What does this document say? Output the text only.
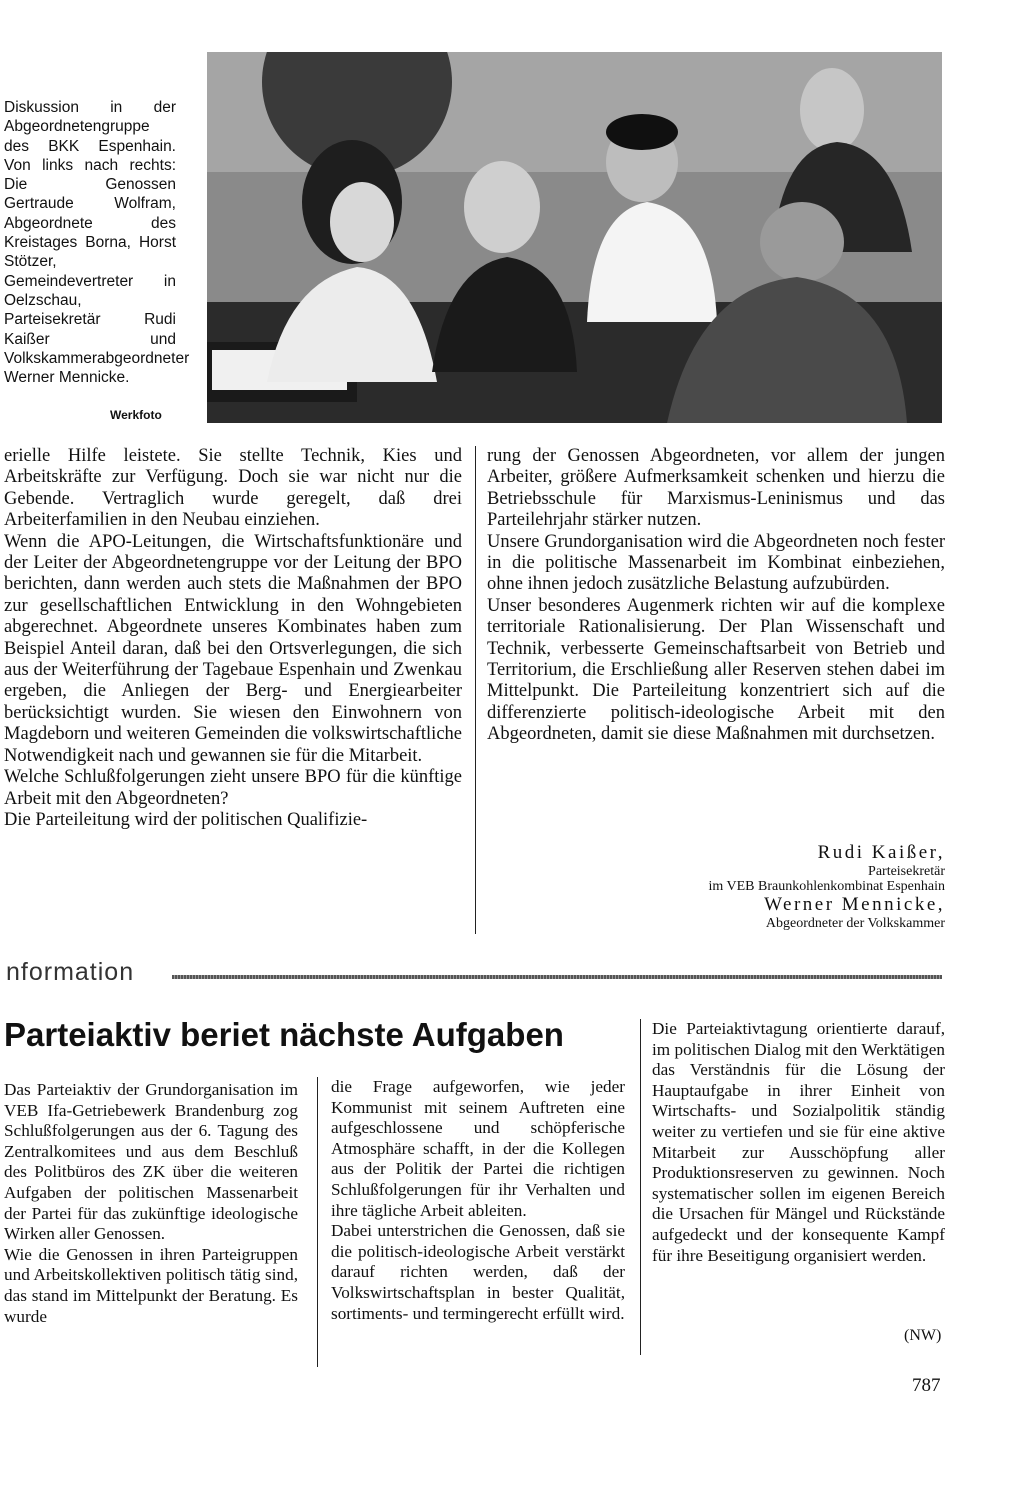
Diskussion in der Abgeordnetengruppe des BKK Espenhain. Von links nach rechts: Die Genossen Gertraude Wolfram, Abgeordnete des Kreistages Borna, Horst Stötzer, Gemeindevertreter in Oelzschau, Parteisekretär Rudi Kaißer und Volkskammerabgeordneter Werner Mennicke.
Werkfoto

erielle Hilfe leistete. Sie stellte Technik, Kies und Arbeitskräfte zur Verfügung. Doch sie war nicht nur die Gebende. Vertraglich wurde geregelt, daß drei Arbeiterfamilien in den Neubau einziehen.

Wenn die APO-Leitungen, die Wirtschaftsfunktionäre und der Leiter der Abgeordnetengruppe vor der Leitung der BPO berichten, dann werden auch stets die Maßnahmen der BPO zur gesellschaftlichen Entwicklung in den Wohngebieten abgerechnet. Abgeordnete unseres Kombinates haben zum Beispiel Anteil daran, daß bei den Ortsverlegungen, die sich aus der Weiterführung der Tagebaue Espenhain und Zwenkau ergeben, die Anliegen der Berg- und Energiearbeiter berücksichtigt wurden. Sie wiesen den Einwohnern von Magdeborn und weiteren Gemeinden die volkswirtschaftliche Notwendigkeit nach und gewannen sie für die Mitarbeit.

Welche Schlußfolgerungen zieht unsere BPO für die künftige Arbeit mit den Abgeordneten?

Die Parteileitung wird der politischen Qualifizie-

rung der Genossen Abgeordneten, vor allem der jungen Arbeiter, größere Aufmerksamkeit schenken und hierzu die Betriebsschule für Marxismus-Leninismus und das Parteilehrjahr stärker nutzen.

Unsere Grundorganisation wird die Abgeordneten noch fester in die politische Massenarbeit im Kombinat einbeziehen, ohne ihnen jedoch zusätzliche Belastung aufzubürden.

Unser besonderes Augenmerk richten wir auf die komplexe territoriale Rationalisierung. Der Plan Wissenschaft und Technik, verbesserte Gemeinschaftsarbeit von Betrieb und Territorium, die Erschließung aller Reserven stehen dabei im Mittelpunkt. Die Parteileitung konzentriert sich auf die differenzierte politisch-ideologische Arbeit mit den Abgeordneten, damit sie diese Maßnahmen mit durchsetzen.

Rudi Kaißer,
Parteisekretär
im VEB Braunkohlenkombinat Espenhain
Werner Mennicke,
Abgeordneter der Volkskammer
nformation
Parteiaktiv beriet nächste Aufgaben

Das Parteiaktiv der Grundorganisation im VEB Ifa-Getriebewerk Brandenburg zog Schlußfolgerungen aus der 6. Tagung des Zentralkomitees und aus dem Beschluß des Politbüros des ZK über die weiteren Aufgaben der politischen Massenarbeit der Partei für das zukünftige ideologische Wirken aller Genossen.

Wie die Genossen in ihren Parteigruppen und Arbeitskollektiven politisch tätig sind, das stand im Mittelpunkt der Beratung. Es wurde

die Frage aufgeworfen, wie jeder Kommunist mit seinem Auftreten eine aufgeschlossene und schöpferische Atmosphäre schafft, in der die Kollegen aus der Politik der Partei die richtigen Schlußfolgerungen für ihr Verhalten und ihre tägliche Arbeit ableiten.

Dabei unterstrichen die Genossen, daß sie die politisch-ideologische Arbeit verstärkt darauf richten werden, daß der Volkswirtschaftsplan in bester Qualität, sortiments- und termingerecht erfüllt wird.

Die Parteiaktivtagung orientierte darauf, im politischen Dialog mit den Werktätigen das Verständnis für die Lösung der Hauptaufgabe in ihrer Einheit von Wirtschafts- und Sozialpolitik ständig weiter zu vertiefen und sie für eine aktive Mitarbeit zur Ausschöpfung aller Produktionsreserven zu gewinnen. Noch systematischer sollen im eigenen Bereich die Ursachen für Mängel und Rückstände aufgedeckt und der konsequente Kampf für ihre Beseitigung organisiert werden.

(NW)
787
